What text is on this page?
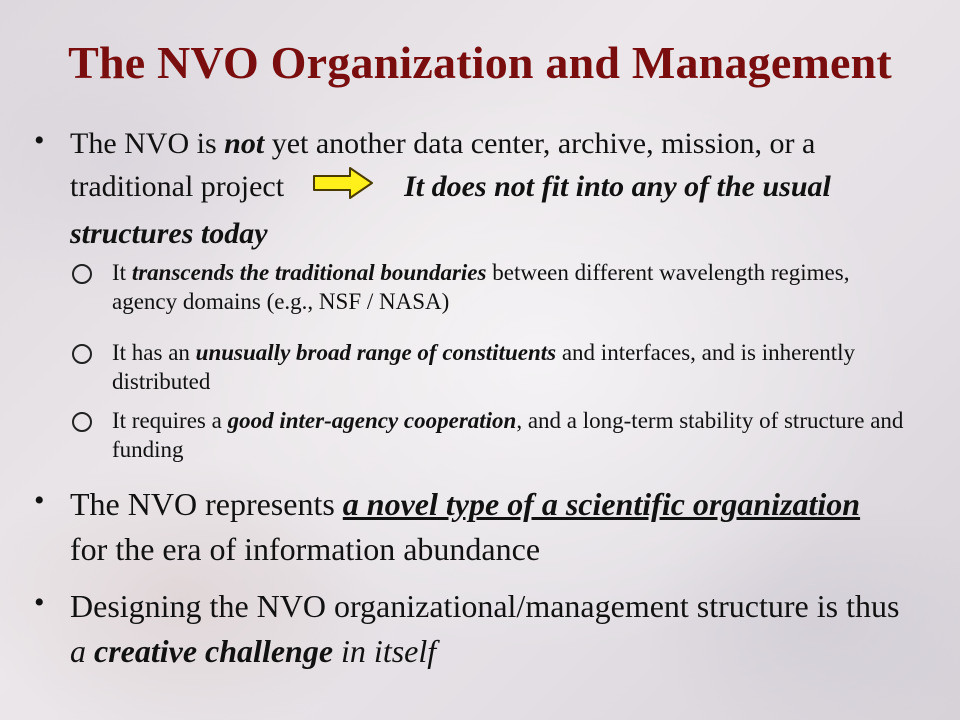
The NVO Organization and Management
• The NVO is not yet another data center, archive, mission, or a traditional project	It does not fit into any of the usual structures today
It transcends the traditional boundaries between different wavelength regimes, agency domains (e.g., NSF / NASA)
It has an unusually broad range of constituents and interfaces, and is inherently distributed
It requires a good inter-agency cooperation, and a long-term stability of structure and funding
• The NVO represents a novel type of a scientific organization for the era of information abundance
• Designing the NVO organizational/management structure is thus a creative challenge in itself
